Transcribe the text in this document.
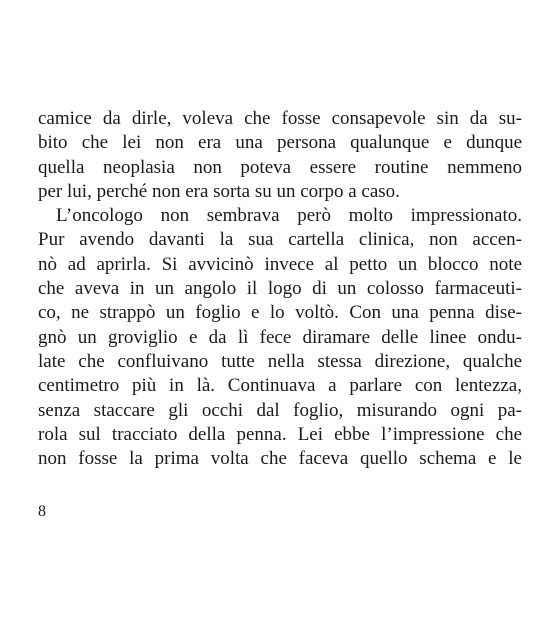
camice da dirle, voleva che fosse consapevole sin da su-
bito che lei non era una persona qualunque e dunque
quella neoplasia non poteva essere routine nemmeno
per lui, perché non era sorta su un corpo a caso.
L’oncologo non sembrava però molto impressionato.
Pur avendo davanti la sua cartella clinica, non accen-
nò ad aprirla. Si avvicinò invece al petto un blocco note
che aveva in un angolo il logo di un colosso farmaceuti-
co, ne strappò un foglio e lo voltò. Con una penna dise-
gnò un groviglio e da lì fece diramare delle linee ondu-
late che confluivano tutte nella stessa direzione, qualche
centimetro più in là. Continuava a parlare con lentezza,
senza staccare gli occhi dal foglio, misurando ogni pa-
rola sul tracciato della penna. Lei ebbe l’impressione che
non fosse la prima volta che faceva quello schema e le
8
